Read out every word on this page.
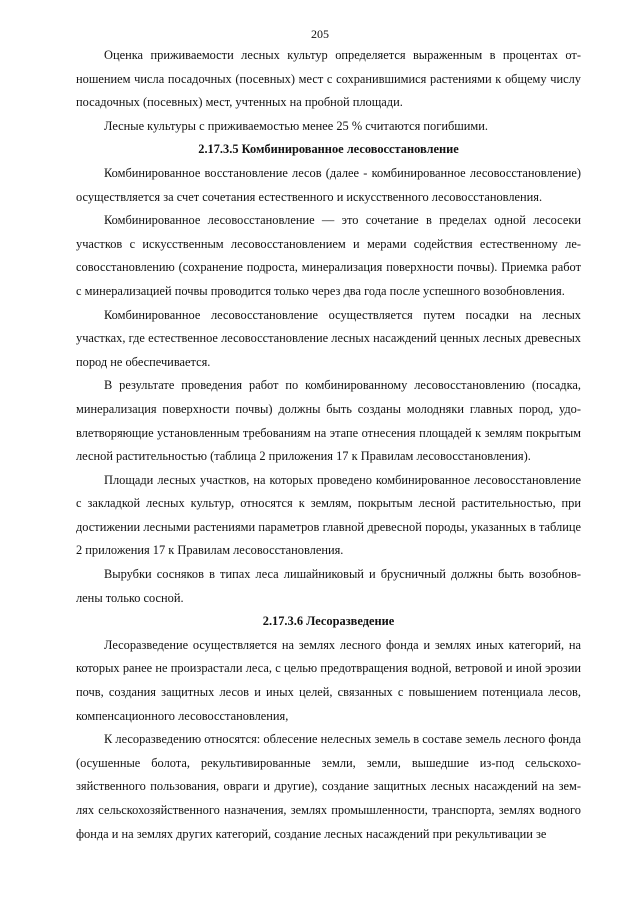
205

Оценка приживаемости лесных культур определяется выраженным в процентах отношением числа посадочных (посевных) мест с сохранившимися растениями к общему числу посадочных (посевных) мест, учтенных на пробной площади.

Лесные культуры с приживаемостью менее 25 % считаются погибшими.

2.17.3.5 Комбинированное лесовосстановление

Комбинированное восстановление лесов (далее - комбинированное лесовосстановление) осуществляется за счет сочетания естественного и искусственного лесовосстановления.

Комбинированное лесовосстановление — это сочетание в пределах одной лесосеки участков с искусственным лесовосстановлением и мерами содействия естественному лесовосстановлению (сохранение подроста, минерализация поверхности почвы). Приемка работ с минерализацией почвы проводится только через два года после успешного возобновления.

Комбинированное лесовосстановление осуществляется путем посадки на лесных участках, где естественное лесовосстановление лесных насаждений ценных лесных древесных пород не обеспечивается.

В результате проведения работ по комбинированному лесовосстановлению (посадка, минерализация поверхности почвы) должны быть созданы молодняки главных пород, удовлетворяющие установленным требованиям на этапе отнесения площадей к землям покрытым лесной растительностью (таблица 2 приложения 17 к Правилам лесовосстановления).

Площади лесных участков, на которых проведено комбинированное лесовосстановление с закладкой лесных культур, относятся к землям, покрытым лесной растительностью, при достижении лесными растениями параметров главной древесной породы, указанных в таблице 2 приложения 17 к Правилам лесовосстановления.

Вырубки сосняков в типах леса лишайниковый и брусничный должны быть возобновлены только сосной.

2.17.3.6 Лесоразведение

Лесоразведение осуществляется на землях лесного фонда и землях иных категорий, на которых ранее не произрастали леса, с целью предотвращения водной, ветровой и иной эрозии почв, создания защитных лесов и иных целей, связанных с повышением потенциала лесов, компенсационного лесовосстановления,

К лесоразведению относятся: облесение нелесных земель в составе земель лесного фонда (осушенные болота, рекультивированные земли, земли, вышедшие из-под сельскохозяйственного пользования, овраги и другие), создание защитных лесных насаждений на землях сельскохозяйственного назначения, землях промышленности, транспорта, землях водного фонда и на землях других категорий, создание лесных насаждений при рекультивации зе
